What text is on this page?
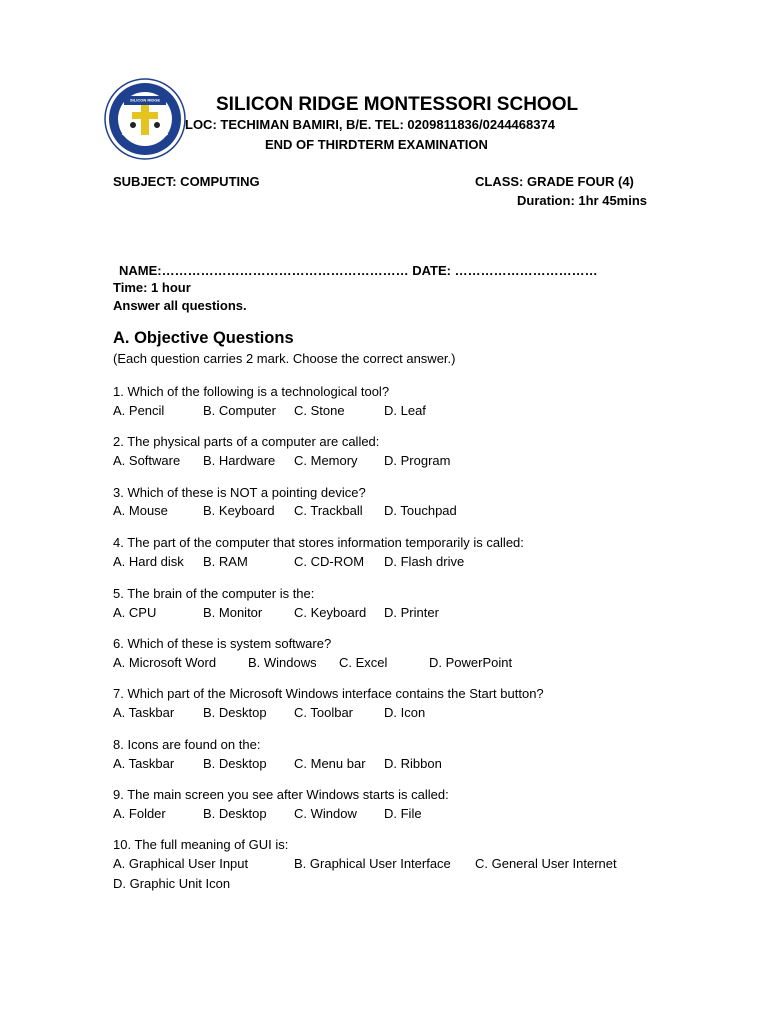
SILICON RIDGE	SILICON RIDGE MONTESSORI SCHOOL
LOC: TECHIMAN BAMIRI, B/E. TEL: 0209811836/0244468374
END OF THIRDTERM EXAMINATION
SUBJECT: COMPUTING	CLASS: GRADE FOUR (4)
Duration: 1hr 45mins
NAME:………………………………………………… DATE: ……………………………
Time: 1 hour
Answer all questions.
A. Objective Questions
(Each question carries 2 mark. Choose the correct answer.)
1. Which of the following is a technological tool?
A. Pencil	B. Computer C. Stone	D. Leaf
2. The physical parts of a computer are called:
A. Software B. Hardware C. Memory D. Program
3. Which of these is NOT a pointing device?
A. Mouse	B. Keyboard C. Trackball D. Touchpad
4. The part of the computer that stores information temporarily is called:
A. Hard disk B. RAM	C. CD-ROM D. Flash drive
5. The brain of the computer is the:
A. CPU	B. Monitor C. Keyboard D. Printer
6. Which of these is system software?
A. Microsoft Word B. Windows C. Excel	D. PowerPoint
7. Which part of the Microsoft Windows interface contains the Start button?
A. Taskbar B. Desktop C. Toolbar D. Icon
8. Icons are found on the:
A. Taskbar B. Desktop C. Menu bar D. Ribbon
9. The main screen you see after Windows starts is called:
A. Folder	B. Desktop C. Window D. File
10. The full meaning of GUI is:
A. Graphical User Input	B. Graphical User Interface C. General User Internet
D. Graphic Unit Icon
